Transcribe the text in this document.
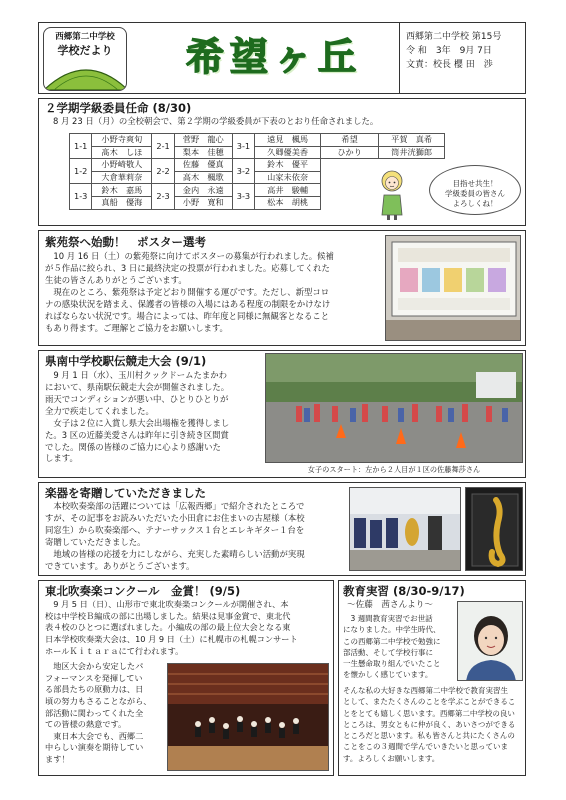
西郷第二中学校
学校だより	希望ヶ丘	西郷第二中学校 第15号
令 和　3年　9月 7日
文責：校長 櫻 田　渉
２学期学級委員任命 (8/30)
8 月 23 日（月）の全校朝会で、第２学期の学級委員が下表のとおり任命されました。
1-1	小野寺爽旬	2-1	菅野　龍心	3-1	遠見　楓馬	希望	平賀　真希
	髙木　しほ		梨本　佳穂		久卿優美香	ひかり	筒井洸獅郎
1-2	小野崎敬人	2-2	佐藤　優真	3-2	鈴木　優平		
	大倉華莉奈		高木　楓歌		山家未依奈		
1-3	鈴木　嘉馬	2-3	金内　永遠	3-3	高井　駿輔		
	真船　優海		小野　寛和		松本　胡桃		
目指せ共生！
学級委員の皆さん
よろしくね！
紫苑祭へ始動！　ポスター選考
　10 月 16 日（土）の紫苑祭に向けてポスターの募集が行われました。候補
が５作品に絞られ、3 日に最終決定の投票が行われました。応募してくれた
生徒の皆さんありがとうございます。
　現在のところ、紫苑祭は予定どおり開催する運びです。ただし、新型コロ
ナの感染状況を踏まえ、保護者の皆様の入場にはある程度の制限をかけなけ
ればならない状況です。場合によっては、昨年度と同様に無観客となること
もあり得ます。ご理解とご協力をお願いします。
県南中学校駅伝競走大会 (9/1)
　9 月 1 日（水）、玉川村クックドームたまかわ
において、県南駅伝競走大会が開催されました。
雨天でコンディションが悪い中、ひとりひとりが
全力で疾走してくれました。
　女子は２位に入賞し県大会出場権を獲得しまし
た。3 区の近藤美愛さんは昨年に引き続き区間賞
でした。関係の皆様のご協力に心より感謝いた
します。
女子のスタート：左から２人目が１区の佐藤舞莎さん
楽器を寄贈していただきました
　本校吹奏楽部の活躍については「広報西郷」で紹介されたところで
すが、その記事をお読みいただいた小田倉にお住まいの古屋様（本校
同窓生）から吹奏楽部へ、テナーサックス１台とエレキギター１台を
寄贈していただきました。
　地域の皆様の応援を力にしながら、充実した素晴らしい活動が実現
できています。ありがとうございます。
東北吹奏楽コンクール　金賞！ (9/5)
　9 月 5 日（日）、山形市で東北吹奏楽コンクールが開催され、本
校は中学校Ｂ編成の部に出場しました。結果は見事金賞で、東北代
表４校のひとつに選ばれました。小編成の部の最上位大会となる東
日本学校吹奏楽大会は、10 月 9 日（土）に札幌市の札幌コンサート
ホールＫｉｔａｒａにて行われます。
　地区大会から安定したパ
フォーマンスを発揮してい
る部員たちの原動力は、日
頃の努力もさることながら、
部活動に関わってくれた全
ての皆様の熱意です。
　東日本大会でも、西郷二
中らしい演奏を期待してい
ます！
教育実習 (8/30-9/17)
～佐藤　茜さんより～
　3 週間教育実習でお世話
になりました。中学生時代、
この西郷第二中学校で勉強に
部活動、そして学校行事に
一生懸命取り組んでいたこと
を懐かしく感じています。
そんな私の大好きな西郷第二中学校で教育実習生
として、またたくさんのことを学ぶことができるこ
とをとても嬉しく思います。西郷第二中学校の良い
ところは、男女ともに仲が良く、あいさつができる
ところだと思います。私も皆さんと共にたくさんの
ことをこの３週間で学んでいきたいと思っていま
す。よろしくお願いします。
